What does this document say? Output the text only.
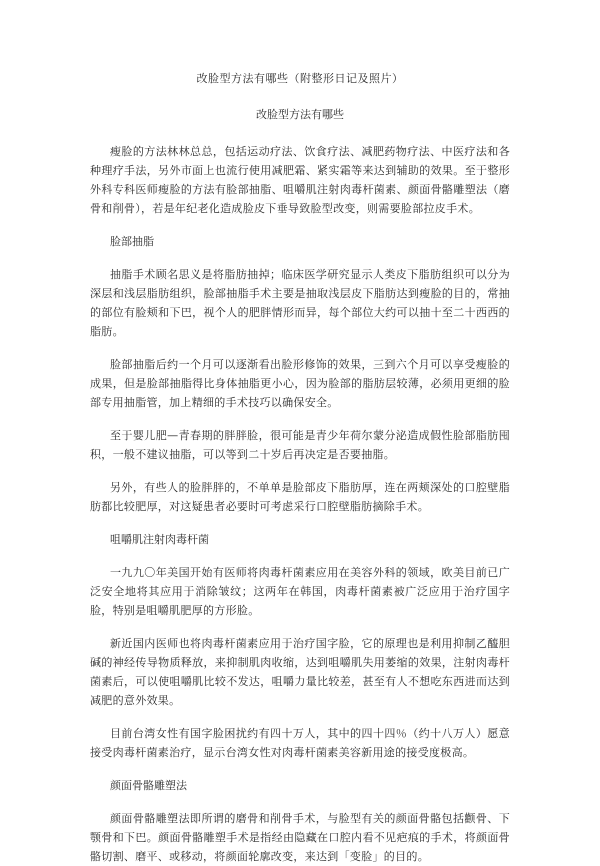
改脸型方法有哪些（附整形日记及照片）
改脸型方法有哪些
瘦脸的方法林林总总，包括运动疗法、饮食疗法、减肥药物疗法、中医疗法和各种理疗手法，另外市面上也流行使用减肥霜、紧实霜等来达到辅助的效果。至于整形外科专科医师瘦脸的方法有脸部抽脂、咀嚼肌注射肉毒杆菌素、颜面骨骼雕塑法（磨骨和削骨），若是年纪老化造成脸皮下垂导致脸型改变，则需要脸部拉皮手术。
脸部抽脂
抽脂手术顾名思义是将脂肪抽掉；临床医学研究显示人类皮下脂肪组织可以分为深层和浅层脂肪组织，脸部抽脂手术主要是抽取浅层皮下脂肪达到瘦脸的目的，常抽的部位有脸颊和下巴，视个人的肥胖情形而异，每个部位大约可以抽十至二十西西的脂肪。
脸部抽脂后约一个月可以逐渐看出脸形修饰的效果，三到六个月可以享受瘦脸的成果，但是脸部抽脂得比身体抽脂更小心，因为脸部的脂肪层较薄，必须用更细的脸部专用抽脂管，加上精细的手术技巧以确保安全。
至于婴儿肥—青春期的胖胖脸，很可能是青少年荷尔蒙分泌造成假性脸部脂肪囤积，一般不建议抽脂，可以等到二十岁后再决定是否要抽脂。
另外，有些人的脸胖胖的，不单单是脸部皮下脂肪厚，连在两颊深处的口腔壁脂肪都比较肥厚，对这疑患者必要时可考虑采行口腔壁脂肪摘除手术。
咀嚼肌注射肉毒杆菌
一九九〇年美国开始有医师将肉毒杆菌素应用在美容外科的领域，欧美目前已广泛安全地将其应用于消除皱纹；这两年在韩国，肉毒杆菌素被广泛应用于治疗国字脸，特别是咀嚼肌肥厚的方形脸。
新近国内医师也将肉毒杆菌素应用于治疗国字脸，它的原理也是利用抑制乙醯胆碱的神经传导物质释放，来抑制肌肉收缩，达到咀嚼肌失用萎缩的效果，注射肉毒杆菌素后，可以使咀嚼肌比较不发达，咀嚼力量比较差，甚至有人不想吃东西进而达到减肥的意外效果。
目前台湾女性有国字脸困扰约有四十万人，其中的四十四％（约十八万人）愿意接受肉毒杆菌素治疗，显示台湾女性对肉毒杆菌素美容新用途的接受度极高。
颜面骨骼雕塑法
颜面骨骼雕塑法即所谓的磨骨和削骨手术，与脸型有关的颜面骨骼包括颧骨、下颚骨和下巴。颜面骨骼雕塑手术是指经由隐藏在口腔内看不见疤痕的手术，将颜面骨骼切割、磨平、或移动，将颜面轮廓改变，来达到「变脸」的目的。
